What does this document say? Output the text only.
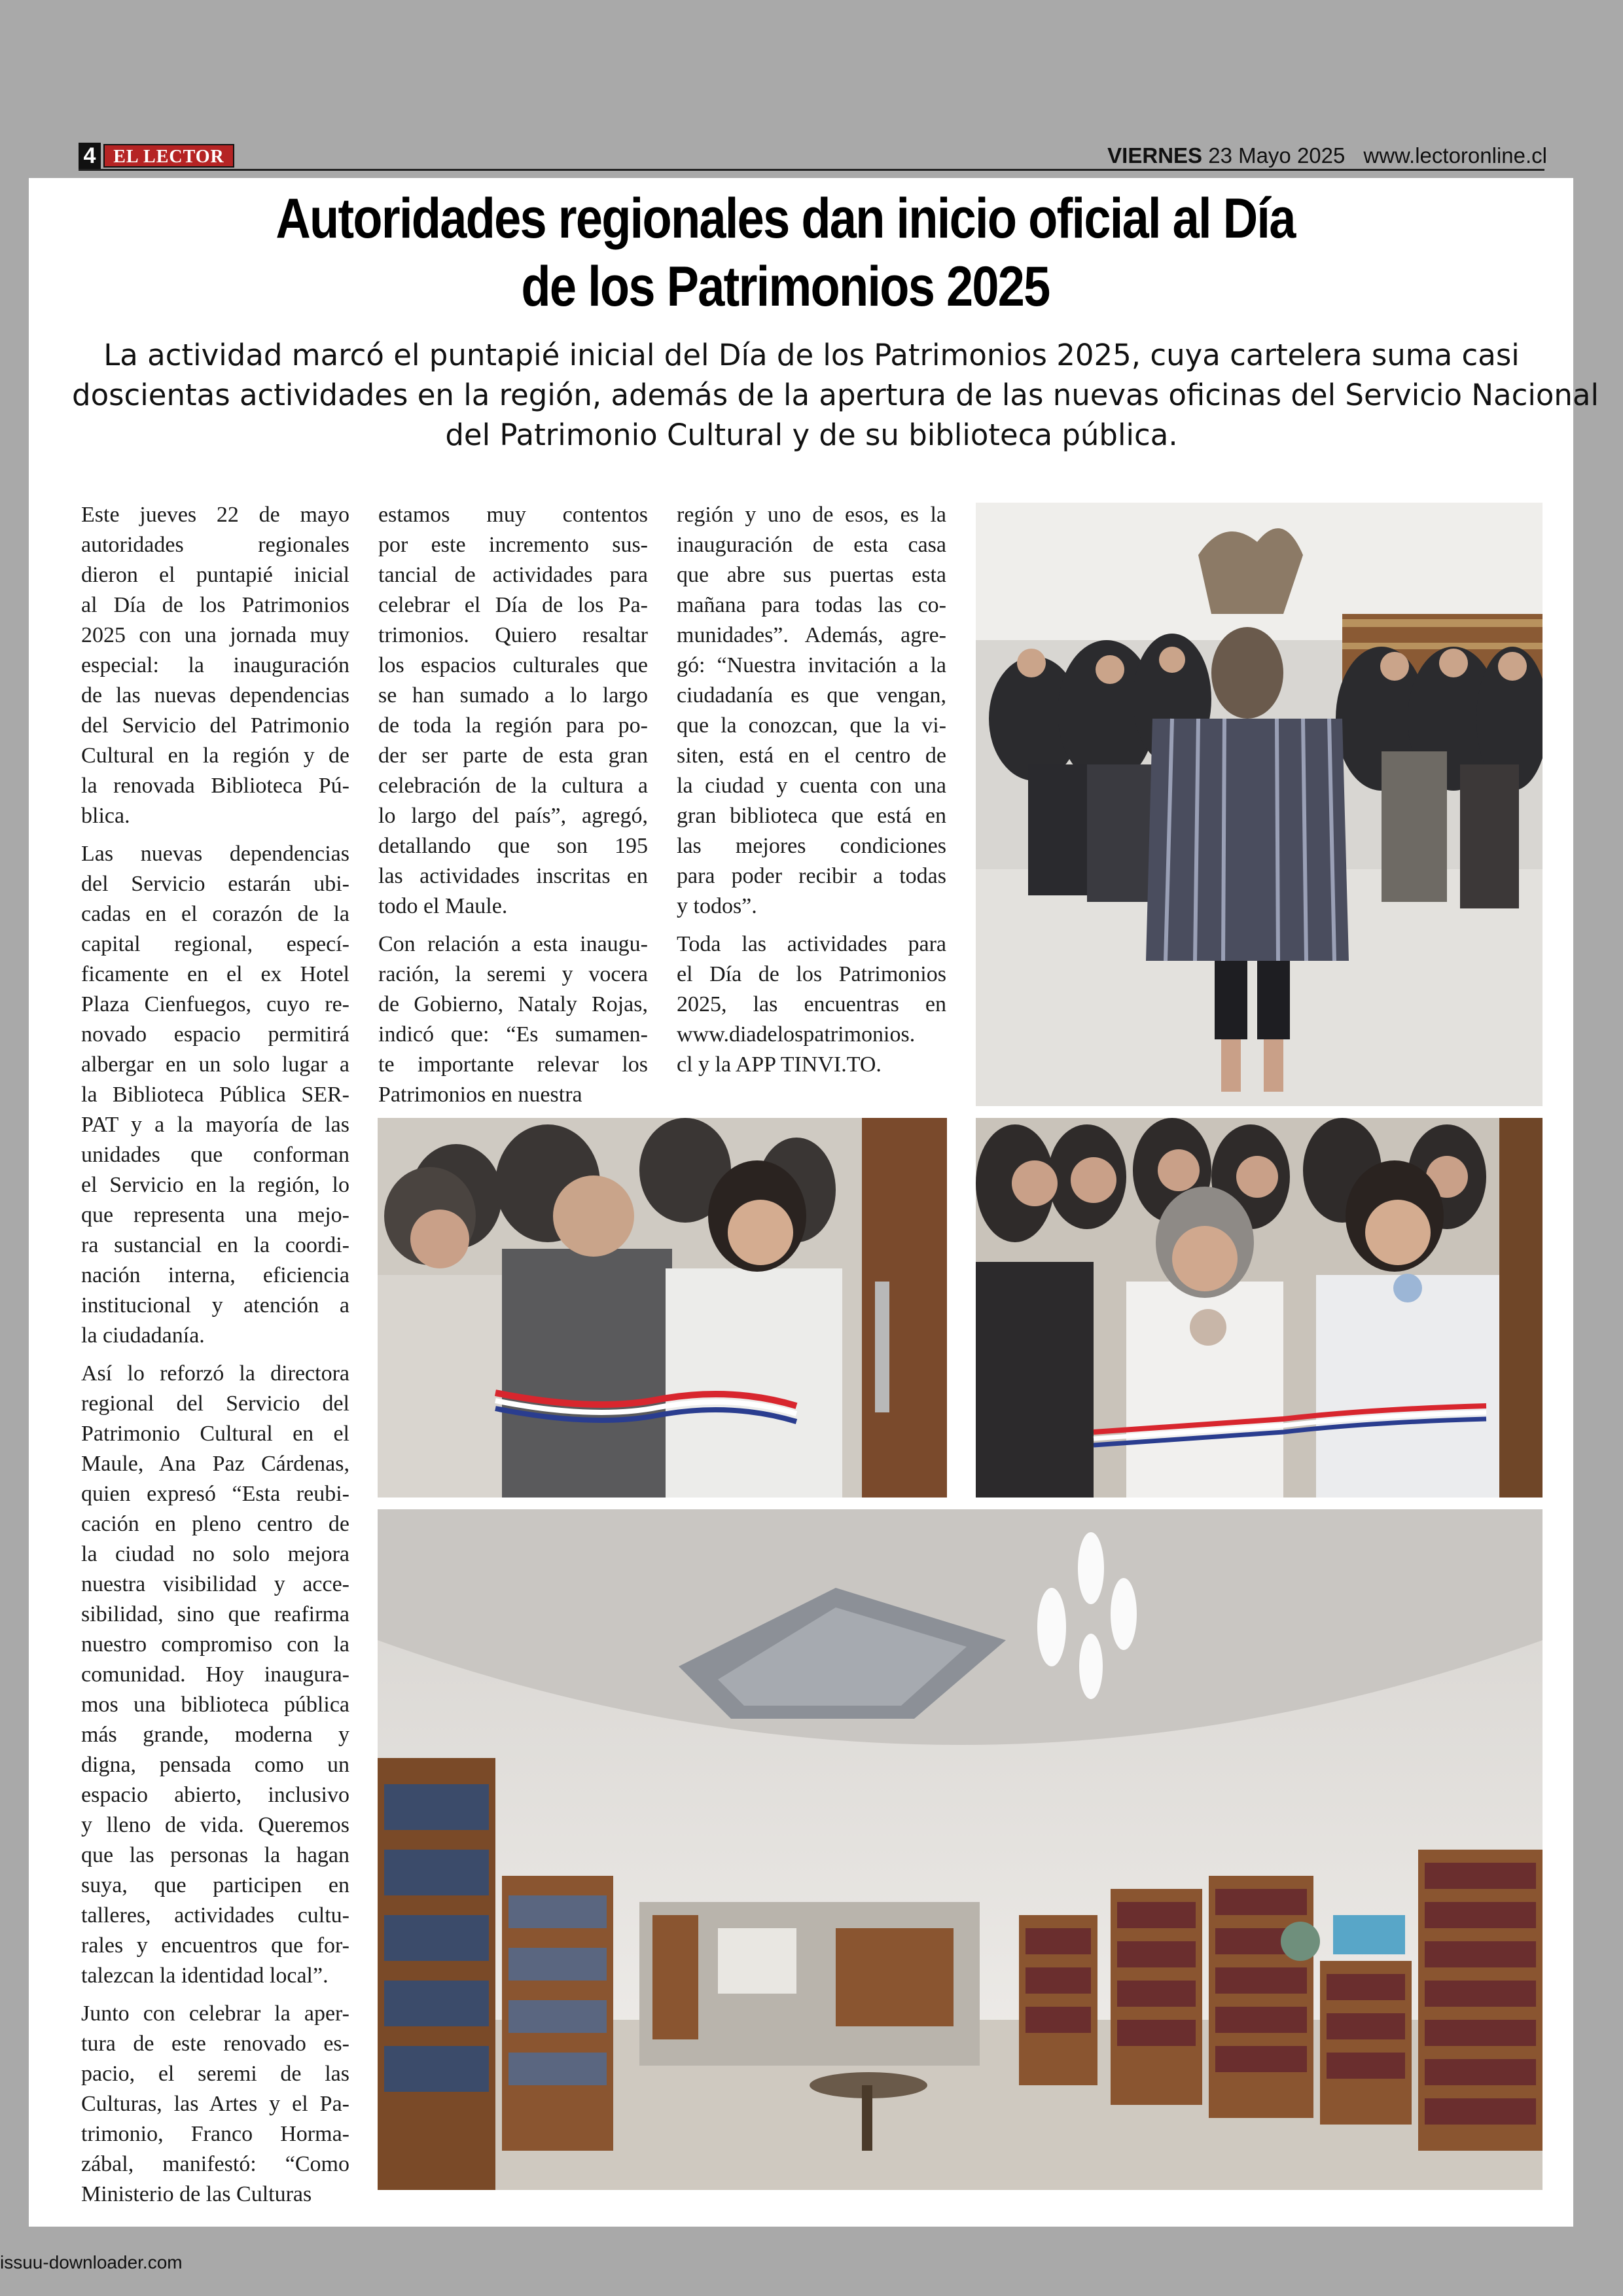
4 EL LECTOR	VIERNES 23 Mayo 2025 www.lectoronline.cl
Autoridades regionales dan inicio oficial al Día
de los Patrimonios 2025
La actividad marcó el puntapié inicial del Día de los Patrimonios 2025, cuya cartelera suma casi
doscientas actividades en la región, además de la apertura de las nuevas oficinas del Servicio Nacional
del Patrimonio Cultural y de su biblioteca pública.
Este jueves 22 de mayo
autoridades regionales
dieron el puntapié inicial
al Día de los Patrimonios
2025 con una jornada muy
especial: la inauguración
de las nuevas dependencias
del Servicio del Patrimonio
Cultural en la región y de
la renovada Biblioteca Pú-
blica.
Las nuevas dependencias
del Servicio estarán ubi-
cadas en el corazón de la
capital regional, especí-
ficamente en el ex Hotel
Plaza Cienfuegos, cuyo re-
novado espacio permitirá
albergar en un solo lugar a
la Biblioteca Pública SER-
PAT y a la mayoría de las
unidades que conforman
el Servicio en la región, lo
que representa una mejo-
ra sustancial en la coordi-
nación interna, eficiencia
institucional y atención a
la ciudadanía.
Así lo reforzó la directora
regional del Servicio del
Patrimonio Cultural en el
Maule, Ana Paz Cárdenas,
quien expresó “Esta reubi-
cación en pleno centro de
la ciudad no solo mejora
nuestra visibilidad y acce-
sibilidad, sino que reafirma
nuestro compromiso con la
comunidad. Hoy inaugura-
mos una biblioteca pública
más grande, moderna y
digna, pensada como un
espacio abierto, inclusivo
y lleno de vida. Queremos
que las personas la hagan
suya, que participen en
talleres, actividades cultu-
rales y encuentros que for-
talezcan la identidad local”.
Junto con celebrar la aper-
tura de este renovado es-
pacio, el seremi de las
Culturas, las Artes y el Pa-
trimonio, Franco Horma-
zábal, manifestó: “Como
Ministerio de las Culturas
estamos muy contentos
por este incremento sus-
tancial de actividades para
celebrar el Día de los Pa-
trimonios. Quiero resaltar
los espacios culturales que
se han sumado a lo largo
de toda la región para po-
der ser parte de esta gran
celebración de la cultura a
lo largo del país”, agregó,
detallando que son 195
las actividades inscritas en
todo el Maule.
Con relación a esta inaugu-
ración, la seremi y vocera
de Gobierno, Nataly Rojas,
indicó que: “Es sumamen-
te importante relevar los
Patrimonios en nuestra
región y uno de esos, es la
inauguración de esta casa
que abre sus puertas esta
mañana para todas las co-
munidades”. Además, agre-
gó: “Nuestra invitación a la
ciudadanía es que vengan,
que la conozcan, que la vi-
siten, está en el centro de
la ciudad y cuenta con una
gran biblioteca que está en
las mejores condiciones
para poder recibir a todas
y todos”.
Toda las actividades para
el Día de los Patrimonios
2025, las encuentras en
www.diadelospatrimonios.
cl y la APP TINVI.TO.
issuu-downloader.com
